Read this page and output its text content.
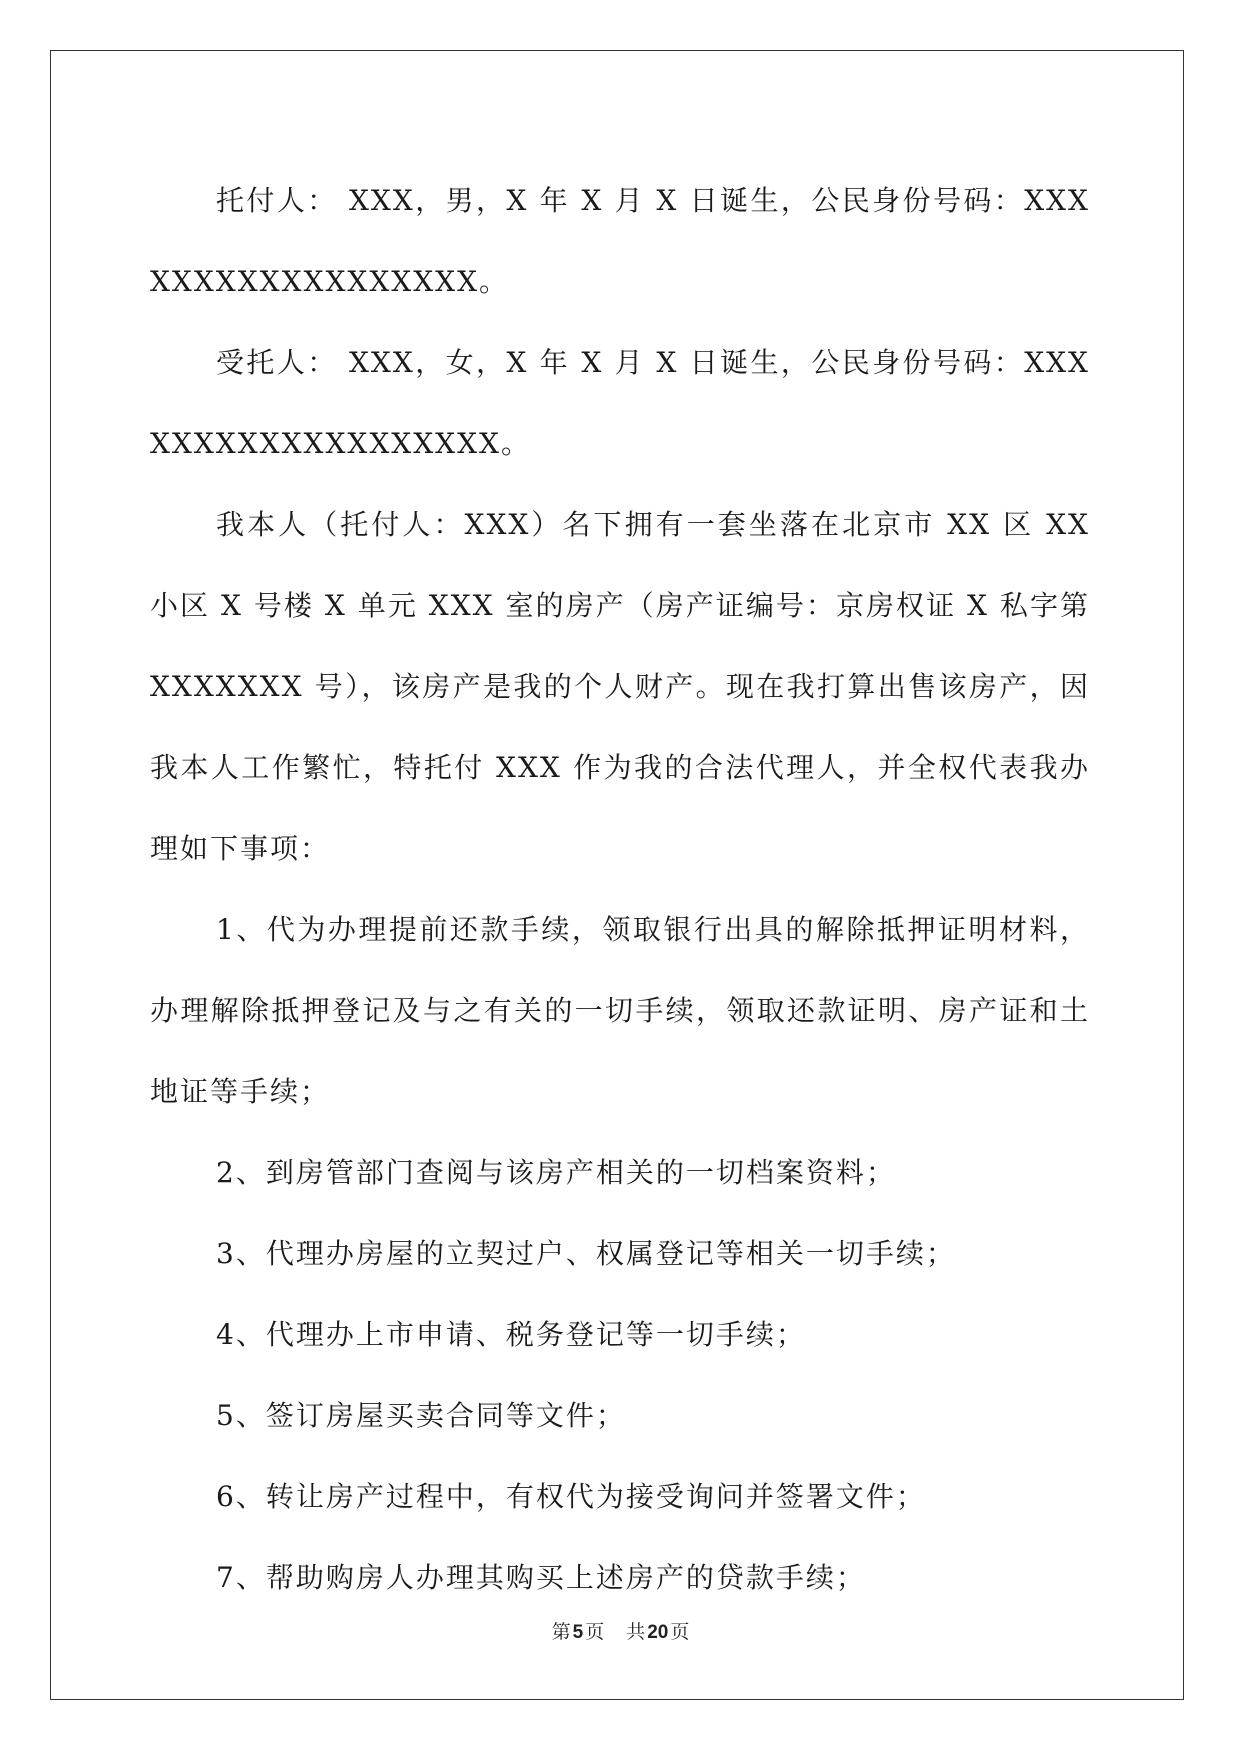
托付人： XXX，男，X 年 X 月 X 日诞生，公民身份号码：XXXXXXXXXXXXXXXXXX。

受托人： XXX，女，X 年 X 月 X 日诞生，公民身份号码：XXXXXXXXXXXXXXXXXXX。

我本人（托付人：XXX）名下拥有一套坐落在北京市 XX 区 XX 小区 X 号楼 X 单元 XXX 室的房产（房产证编号：京房权证 X 私字第 XXXXXXX 号），该房产是我的个人财产。现在我打算出售该房产，因我本人工作繁忙，特托付 XXX 作为我的合法代理人，并全权代表我办理如下事项：

1、代为办理提前还款手续，领取银行出具的解除抵押证明材料，办理解除抵押登记及与之有关的一切手续，领取还款证明、房产证和土地证等手续；

2、到房管部门查阅与该房产相关的一切档案资料；

3、代理办房屋的立契过户、权属登记等相关一切手续；

4、代理办上市申请、税务登记等一切手续；

5、签订房屋买卖合同等文件；

6、转让房产过程中，有权代为接受询问并签署文件；

7、帮助购房人办理其购买上述房产的贷款手续；

第 5 页 共 20 页
